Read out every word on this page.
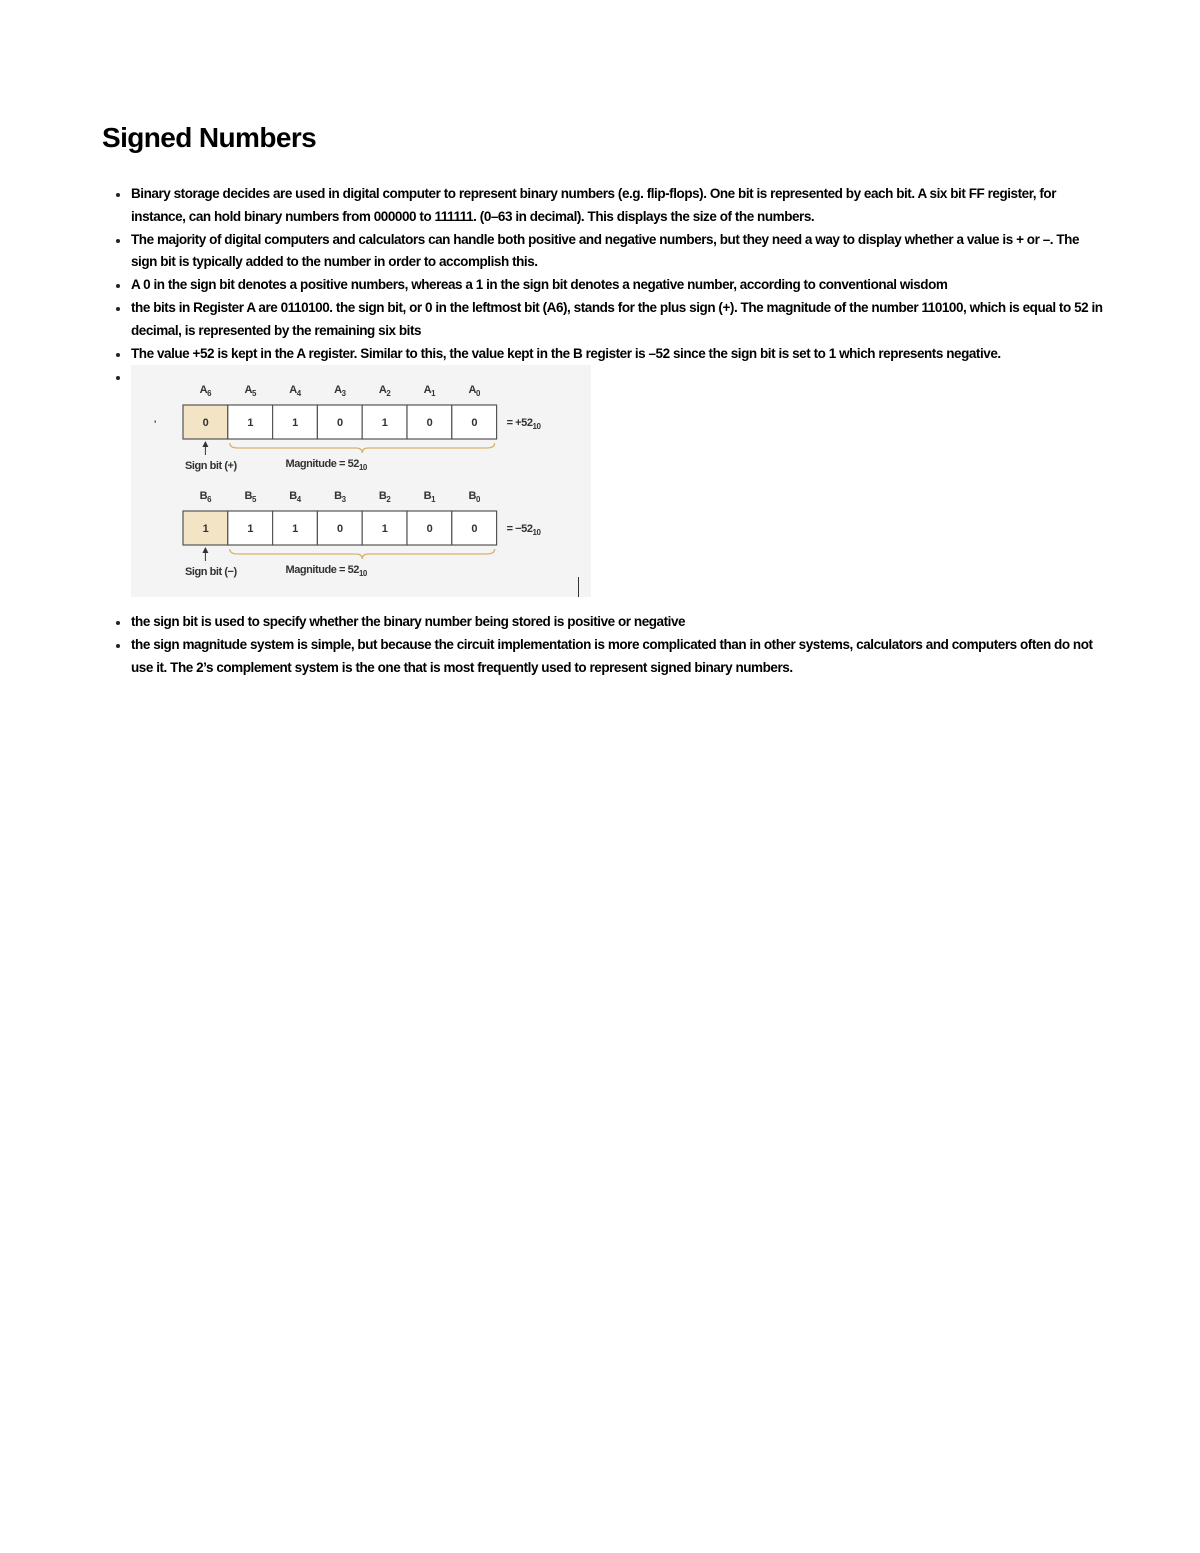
Signed Numbers
Binary storage decides are used in digital computer to represent binary numbers (e.g. flip-flops). One bit is represented by each bit. A six bit FF register, for instance, can hold binary numbers from 000000 to 111111. (0–63 in decimal). This displays the size of the numbers.
The majority of digital computers and calculators can handle both positive and negative numbers, but they need a way to display whether a value is + or –. The sign bit is typically added to the number in order to accomplish this.
A 0 in the sign bit denotes a positive numbers, whereas a 1 in the sign bit denotes a negative number, according to conventional wisdom
the bits in Register A are 0110100. the sign bit, or 0 in the leftmost bit (A6), stands for the plus sign (+). The magnitude of the number 110100, which is equal to 52 in decimal, is represented by the remaining six bits
The value +52 is kept in the A register. Similar to this, the value kept in the B register is –52 since the sign bit is set to 1 which represents negative.
'
$A_6$	$A_5$	$A_4$	$A_3$	$A_2$	$A_1$	$A_0$
0	1	1	0	1	0	0	= $+52_{10}$
Sign bit (+)	Magnitude = $52_{10}$
$B_6$	$B_5$	$B_4$	$B_3$	$B_2$	$B_1$	$B_0$
1	1	1	0	1	0	0	= $-52_{10}$
Sign bit (−)	Magnitude = $52_{10}$
the sign bit is used to specify whether the binary number being stored is positive or negative
the sign magnitude system is simple, but because the circuit implementation is more complicated than in other systems, calculators and computers often do not use it. The 2’s complement system is the one that is most frequently used to represent signed binary numbers.
